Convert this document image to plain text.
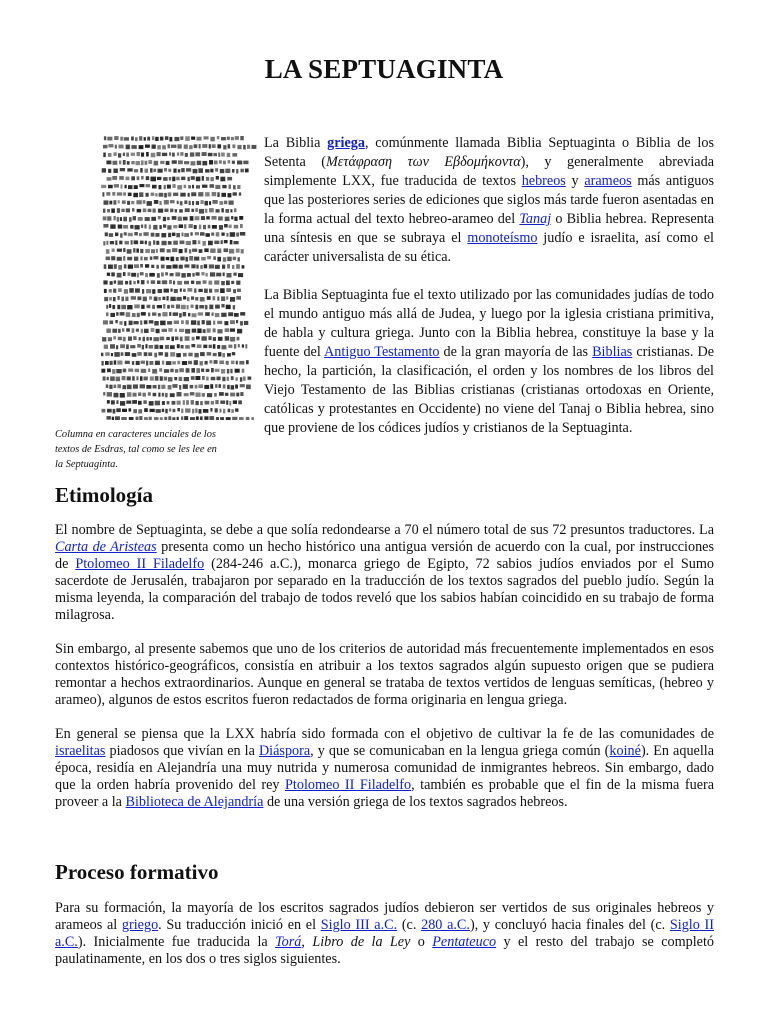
LA SEPTUAGINTA

Columna en caracteres unciales de los textos de Esdras, tal como se les lee en la Septuaginta.

La Biblia griega, comúnmente llamada Biblia Septuaginta o Biblia de los Setenta (Μετάφραση των Εβδομήκοντα), y generalmente abreviada simplemente LXX, fue traducida de textos hebreos y arameos más antiguos que las posteriores series de ediciones que siglos más tarde fueron asentadas en la forma actual del texto hebreo-arameo del Tanaj o Biblia hebrea. Representa una síntesis en que se subraya el monoteísmo judío e israelita, así como el carácter universalista de su ética.

La Biblia Septuaginta fue el texto utilizado por las comunidades judías de todo el mundo antiguo más allá de Judea, y luego por la iglesia cristiana primitiva, de habla y cultura griega. Junto con la Biblia hebrea, constituye la base y la fuente del Antiguo Testamento de la gran mayoría de las Biblias cristianas. De hecho, la partición, la clasificación, el orden y los nombres de los libros del Viejo Testamento de las Biblias cristianas (cristianas ortodoxas en Oriente, católicas y protestantes en Occidente) no viene del Tanaj o Biblia hebrea, sino que proviene de los códices judíos y cristianos de la Septuaginta.

Etimología

El nombre de Septuaginta, se debe a que solía redondearse a 70 el número total de sus 72 presuntos traductores. La Carta de Aristeas presenta como un hecho histórico una antigua versión de acuerdo con la cual, por instrucciones de Ptolomeo II Filadelfo (284-246 a.C.), monarca griego de Egipto, 72 sabios judíos enviados por el Sumo sacerdote de Jerusalén, trabajaron por separado en la traducción de los textos sagrados del pueblo judío. Según la misma leyenda, la comparación del trabajo de todos reveló que los sabios habían coincidido en su trabajo de forma milagrosa.

Sin embargo, al presente sabemos que uno de los criterios de autoridad más frecuentemente implementados en esos contextos histórico-geográficos, consistía en atribuir a los textos sagrados algún supuesto origen que se pudiera remontar a hechos extraordinarios. Aunque en general se trataba de textos vertidos de lenguas semíticas, (hebreo y arameo), algunos de estos escritos fueron redactados de forma originaria en lengua griega.

En general se piensa que la LXX habría sido formada con el objetivo de cultivar la fe de las comunidades de israelitas piadosos que vivían en la Diáspora, y que se comunicaban en la lengua griega común (koiné). En aquella época, residía en Alejandría una muy nutrida y numerosa comunidad de inmigrantes hebreos. Sin embargo, dado que la orden habría provenido del rey Ptolomeo II Filadelfo, también es probable que el fin de la misma fuera proveer a la Biblioteca de Alejandría de una versión griega de los textos sagrados hebreos.

Proceso formativo

Para su formación, la mayoría de los escritos sagrados judíos debieron ser vertidos de sus originales hebreos y arameos al griego. Su traducción inició en el Siglo III a.C. (c. 280 a.C.), y concluyó hacia finales del (c. Siglo II a.C.). Inicialmente fue traducida la Torá, Libro de la Ley o Pentateuco y el resto del trabajo se completó paulatinamente, en los dos o tres siglos siguientes.
